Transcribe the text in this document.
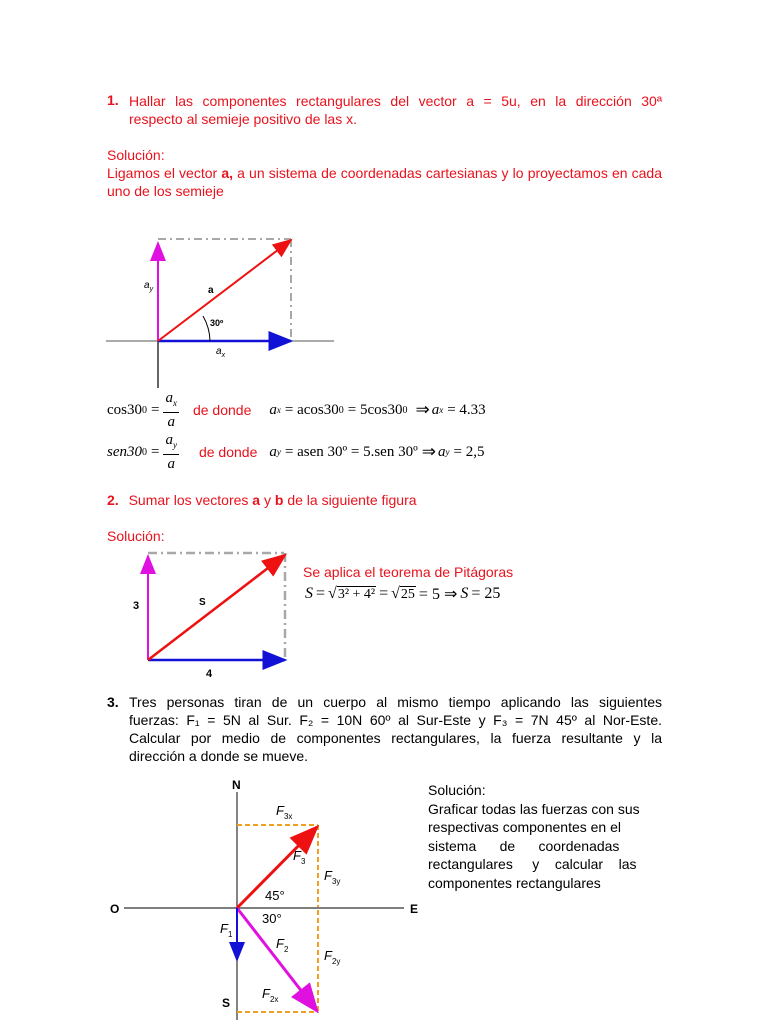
1. Hallar las componentes rectangulares del vector a = 5u, en la dirección 30ª
respecto al semieje positivo de las x.
Solución:
Ligamos el vector a, a un sistema de coordenadas cartesianas y lo proyectamos en cada uno de los semieje
$a_y$	a
30º
$a_x$
cos30 $0 = \frac{a_x}{a}$ de donde a x = acos30 0 = 5cos30 0 ⇒ a x = 4.33
sen30 $0 = \frac{a_y}{a}$ de donde a y = asen 30º = 5.sen 30º ⇒ a y = 2,5
2. Sumar los vectores a y b de la siguiente figura
Solución:
3	S
4
Se aplica el teorema de Pitágoras
S = √ 3² + 4² = √ 25 = 5 ⇒ S = 25
3. Tres personas tiran de un cuerpo al mismo tiempo aplicando las siguientes
fuerzas: F₁ = 5N al Sur. F₂ = 10N 60º al Sur-Este y F₃ = 7N 45º al Nor-Este.
Calcular por medio de componentes rectangulares, la fuerza resultante y la
dirección a donde se mueve.
N
O	E
S
$F_{3x}$
$F_3$
$F_{3y}$
45°
30°
$F_1$
$F_2$	$F_{2y}$
$F_{2x}$
Solución:
Graficar todas las fuerzas con sus
respectivas componentes en el
sistema      de      coordenadas
rectangulares     y    calcular    las
componentes rectangulares
